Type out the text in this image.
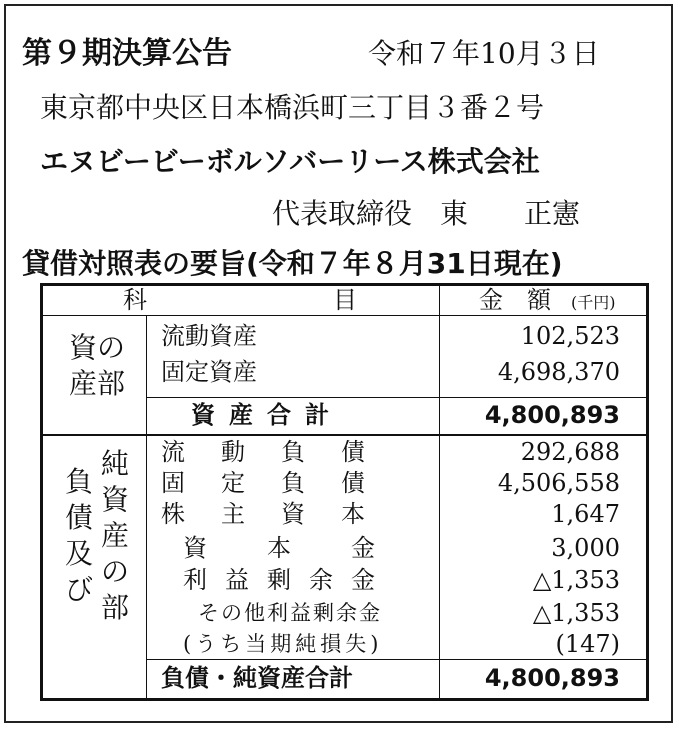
第９期決算公告	令和７年10月３日
東京都中央区日本橋浜町三丁目３番２号
エヌビービーボルソバーリース株式会社
代表取締役　東　　正憲
貸借対照表の要旨(令和７年８月31日現在)
科	目	金　額 (千円)
資の
産部
流動資産	102,523
固定資産	4,698,370
資産合計	4,800,893
負
債
及
び
純
資
産
の
部
流動負債	292,688
固定負債	4,506,558
株主資本	1,647
資本金	3,000
利益剰余金	△1,353
その他利益剰余金	△1,353
(うち当期純損失)	(147)
負債・純資産合計	4,800,893
